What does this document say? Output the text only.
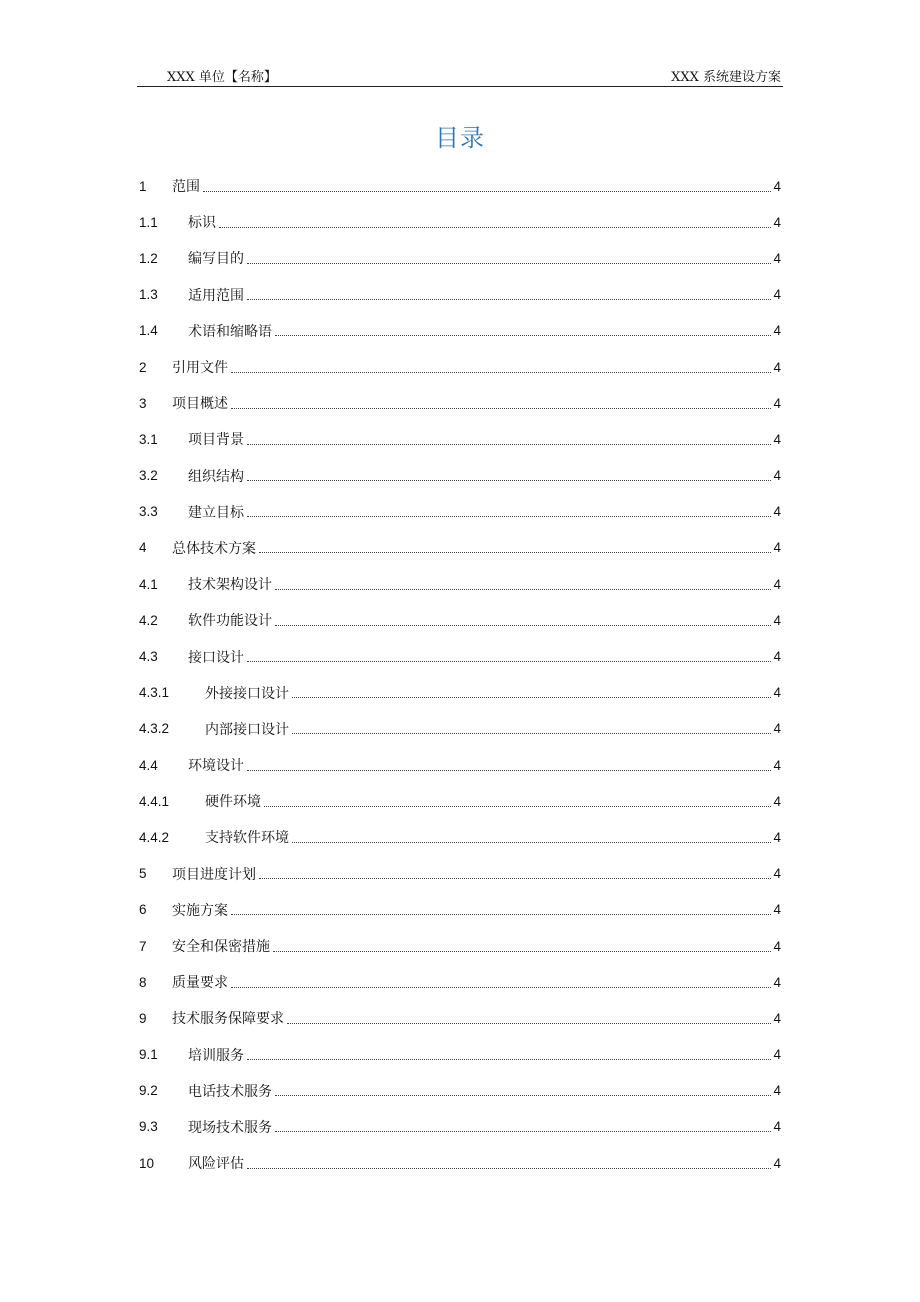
XXX 单位【名称】	XXX 系统建设方案
目录
1	范围	4
1.1	标识	4
1.2	编写目的	4
1.3	适用范围	4
1.4	术语和缩略语	4
2	引用文件	4
3	项目概述	4
3.1	项目背景	4
3.2	组织结构	4
3.3	建立目标	4
4	总体技术方案	4
4.1	技术架构设计	4
4.2	软件功能设计	4
4.3	接口设计	4
4.3.1	外接接口设计	4
4.3.2	内部接口设计	4
4.4	环境设计	4
4.4.1	硬件环境	4
4.4.2	支持软件环境	4
5	项目进度计划	4
6	实施方案	4
7	安全和保密措施	4
8	质量要求	4
9	技术服务保障要求	4
9.1	培训服务	4
9.2	电话技术服务	4
9.3	现场技术服务	4
10	风险评估	4
